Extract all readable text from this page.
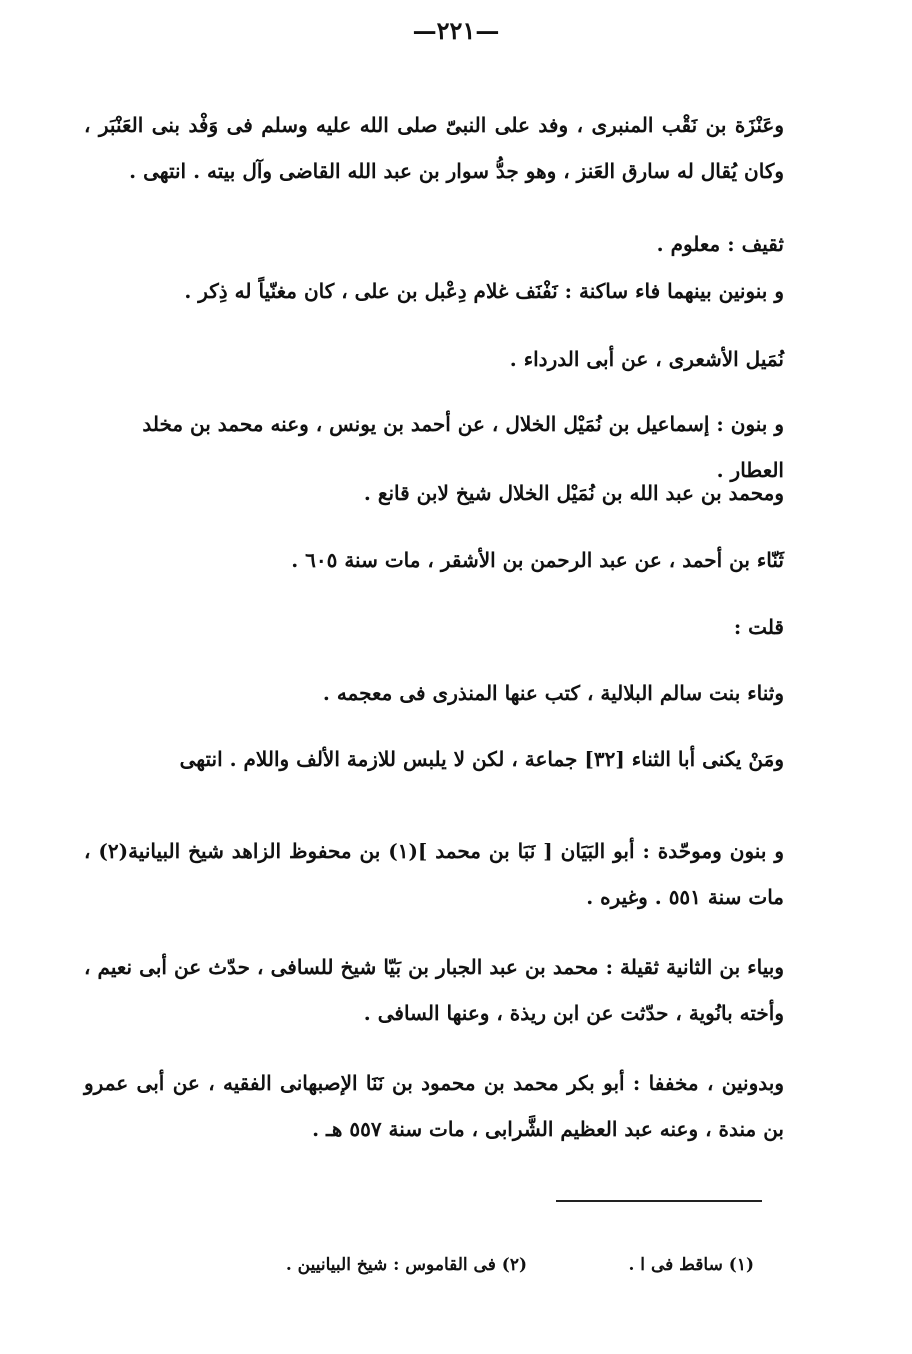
—٢٢١—
وعَنْزَة بن نَقْب المنبرى ، وفد على النبىّ صلى الله عليه وسلم فى وَفْد بنى العَنْبَر ، وكان يُقال له سارق العَنز ، وهو جدُّ سوار بن عبد الله القاضى وآل بيته . انتهى .
ثقيف : معلوم .
و بنونين بينهما فاء ساكنة : نَفْنَف غلام دِعْبل بن على ، كان مغنّياً له ذِكر .
نُمَيل الأشعرى ، عن أبى الدرداء .
و بنون : إسماعيل بن نُمَيْل الخلال ، عن أحمد بن يونس ، وعنه محمد بن مخلد العطار .
ومحمد بن عبد الله بن نُمَيْل الخلال شيخ لابن قانع .
ثَنّاء بن أحمد ، عن عبد الرحمن بن الأشقر ، مات سنة ٦٠٥ .
قلت :
وثناء بنت سالم البلالية ، كتب عنها المنذرى فى معجمه .
ومَنْ يكنى أبا الثناء [٣٢] جماعة ، لكن لا يلبس للازمة الألف واللام . انتهى
و بنون وموحّدة : أبو البَيَان [ نَبَا بن محمد ](١) بن محفوظ الزاهد شيخ البيانية(٢) ، مات سنة ٥٥١ . وغيره .
وبياء بن الثانية ثقيلة : محمد بن عبد الجبار بن بَيّا شيخ للسافى ، حدّث عن أبى نعيم ، وأخته بانُوية ، حدّثت عن ابن ريذة ، وعنها السافى .
وبدونين ، مخففا : أبو بكر محمد بن محمود بن نَنَا الإصبهانى الفقيه ، عن أبى عمرو بن مندة ، وعنه عبد العظيم الشَّرابى ، مات سنة ٥٥٧ هـ .
(١) ساقط فى ا .
(٢) فى القاموس : شيخ البيانيين .
